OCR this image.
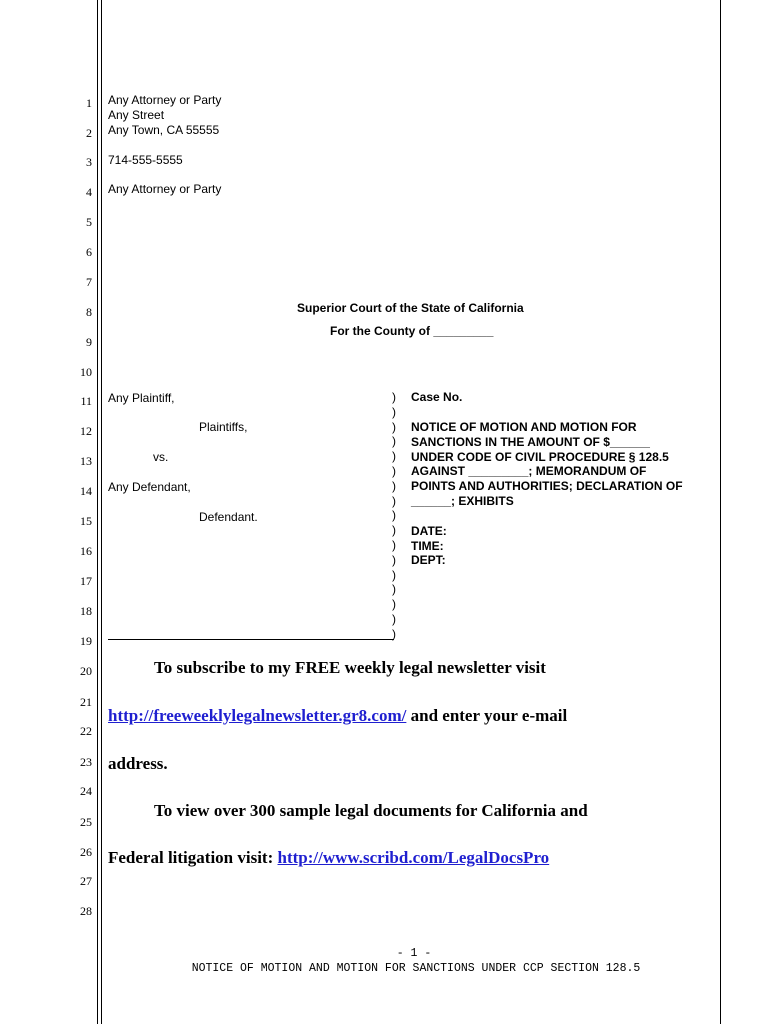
1
2
3
4
5
6
7
8
9
10
11
12
13
14
15
16
17
18
19
20
21
22
23
24
25
26
27
28
Any Attorney or Party
Any Street
Any Town, CA 55555
714-555-5555
Any Attorney or Party
Superior Court of the State of California
For the County of _________
Any Plaintiff,
Plaintiffs,
vs.
Any Defendant,
Defendant.
)
)
)
)
)
)
)
)
)
)
)
)
)
)
)
)
)
Case No.
NOTICE OF MOTION AND MOTION FOR
SANCTIONS IN THE AMOUNT OF $______
UNDER CODE OF CIVIL PROCEDURE § 128.5
AGAINST _________; MEMORANDUM OF
POINTS AND AUTHORITIES; DECLARATION OF
______; EXHIBITS
DATE:
TIME:
DEPT:
To subscribe to my FREE weekly legal newsletter visit
http://freeweeklylegalnewsletter.gr8.com/ and enter your e-mail
address.
To view over 300 sample legal documents for California and
Federal litigation visit: http://www.scribd.com/LegalDocsPro
- 1 -
NOTICE OF MOTION AND MOTION FOR SANCTIONS UNDER CCP SECTION 128.5
